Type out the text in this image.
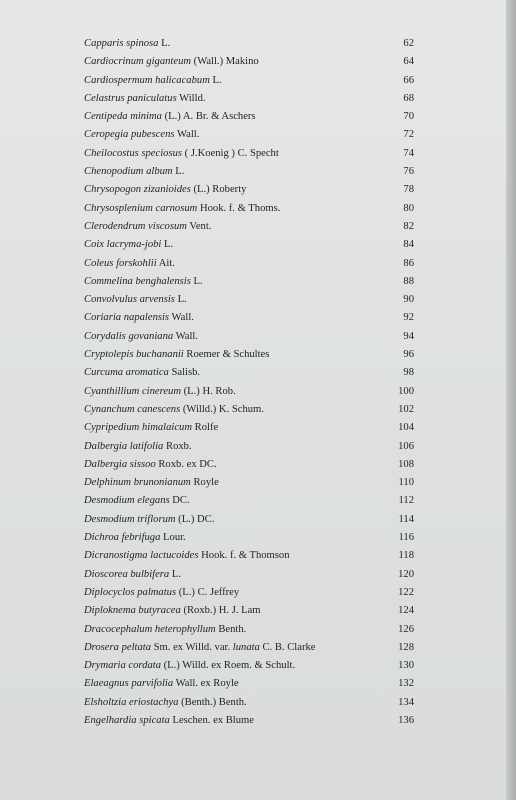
Capparis spinosa L.	62
Cardiocrinum giganteum (Wall.) Makino	64
Cardiospermum halicacabum L.	66
Celastrus paniculatus Willd.	68
Centipeda minima (L.) A. Br. & Aschers	70
Ceropegia pubescens Wall.	72
Cheilocostus speciosus ( J.Koenig ) C. Specht	74
Chenopodium album L.	76
Chrysopogon zizanioides (L.) Roberty	78
Chrysosplenium carnosum Hook. f. & Thoms.	80
Clerodendrum viscosum Vent.	82
Coix lacryma-jobi L.	84
Coleus forskohlii Ait.	86
Commelina benghalensis L.	88
Convolvulus arvensis L.	90
Coriaria napalensis Wall.	92
Corydalis govaniana Wall.	94
Cryptolepis buchananii Roemer & Schultes	96
Curcuma aromatica Salisb.	98
Cyanthillium cinereum (L.) H. Rob.	100
Cynanchum canescens (Willd.) K. Schum.	102
Cypripedium himalaicum Rolfe	104
Dalbergia latifolia Roxb.	106
Dalbergia sissoo Roxb. ex DC.	108
Delphinum brunonianum Royle	110
Desmodium elegans DC.	112
Desmodium triflorum (L.) DC.	114
Dichroa febrifuga Lour.	116
Dicranostigma lactucoides Hook. f. & Thomson	118
Dioscorea bulbifera L.	120
Diplocyclos palmatus (L.) C. Jeffrey	122
Diploknema butyracea (Roxb.) H. J. Lam	124
Dracocephalum heterophyllum Benth.	126
Drosera peltata Sm. ex Willd. var. lunata C. B. Clarke	128
Drymaria cordata (L.) Willd. ex Roem. & Schult.	130
Elaeagnus parvifolia Wall. ex Royle	132
Elsholtzia eriostachya (Benth.) Benth.	134
Engelhardia spicata Leschen. ex Blume	136
